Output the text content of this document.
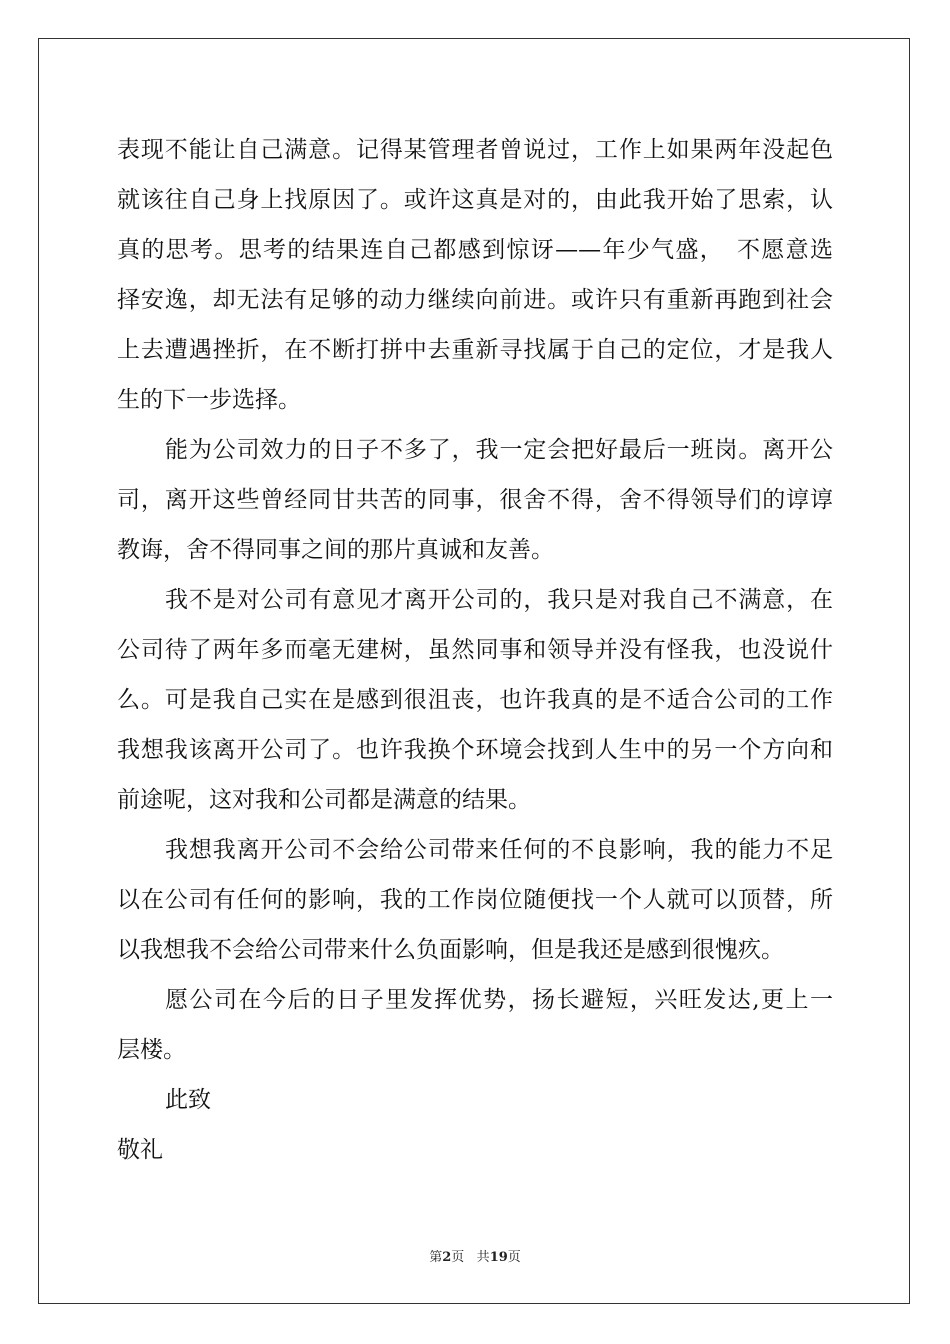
表现不能让自己满意。记得某管理者曾说过，工作上如果两年没起色
就该往自己身上找原因了。或许这真是对的，由此我开始了思索，认
真的思考。思考的结果连自己都感到惊讶——年少气盛，　不愿意选
择安逸，却无法有足够的动力继续向前进。或许只有重新再跑到社会
上去遭遇挫折，在不断打拼中去重新寻找属于自己的定位，才是我人
生的下一步选择。
能为公司效力的日子不多了，我一定会把好最后一班岗。离开公
司，离开这些曾经同甘共苦的同事，很舍不得，舍不得领导们的谆谆
教诲，舍不得同事之间的那片真诚和友善。
我不是对公司有意见才离开公司的，我只是对我自己不满意，在
公司待了两年多而毫无建树，虽然同事和领导并没有怪我，也没说什
么。可是我自己实在是感到很沮丧，也许我真的是不适合公司的工作
我想我该离开公司了。也许我换个环境会找到人生中的另一个方向和
前途呢，这对我和公司都是满意的结果。
我想我离开公司不会给公司带来任何的不良影响，我的能力不足
以在公司有任何的影响，我的工作岗位随便找一个人就可以顶替，所
以我想我不会给公司带来什么负面影响，但是我还是感到很愧疚。
愿公司在今后的日子里发挥优势，扬长避短，兴旺发达,更上一
层楼。
此致
敬礼
第2页 共19页
